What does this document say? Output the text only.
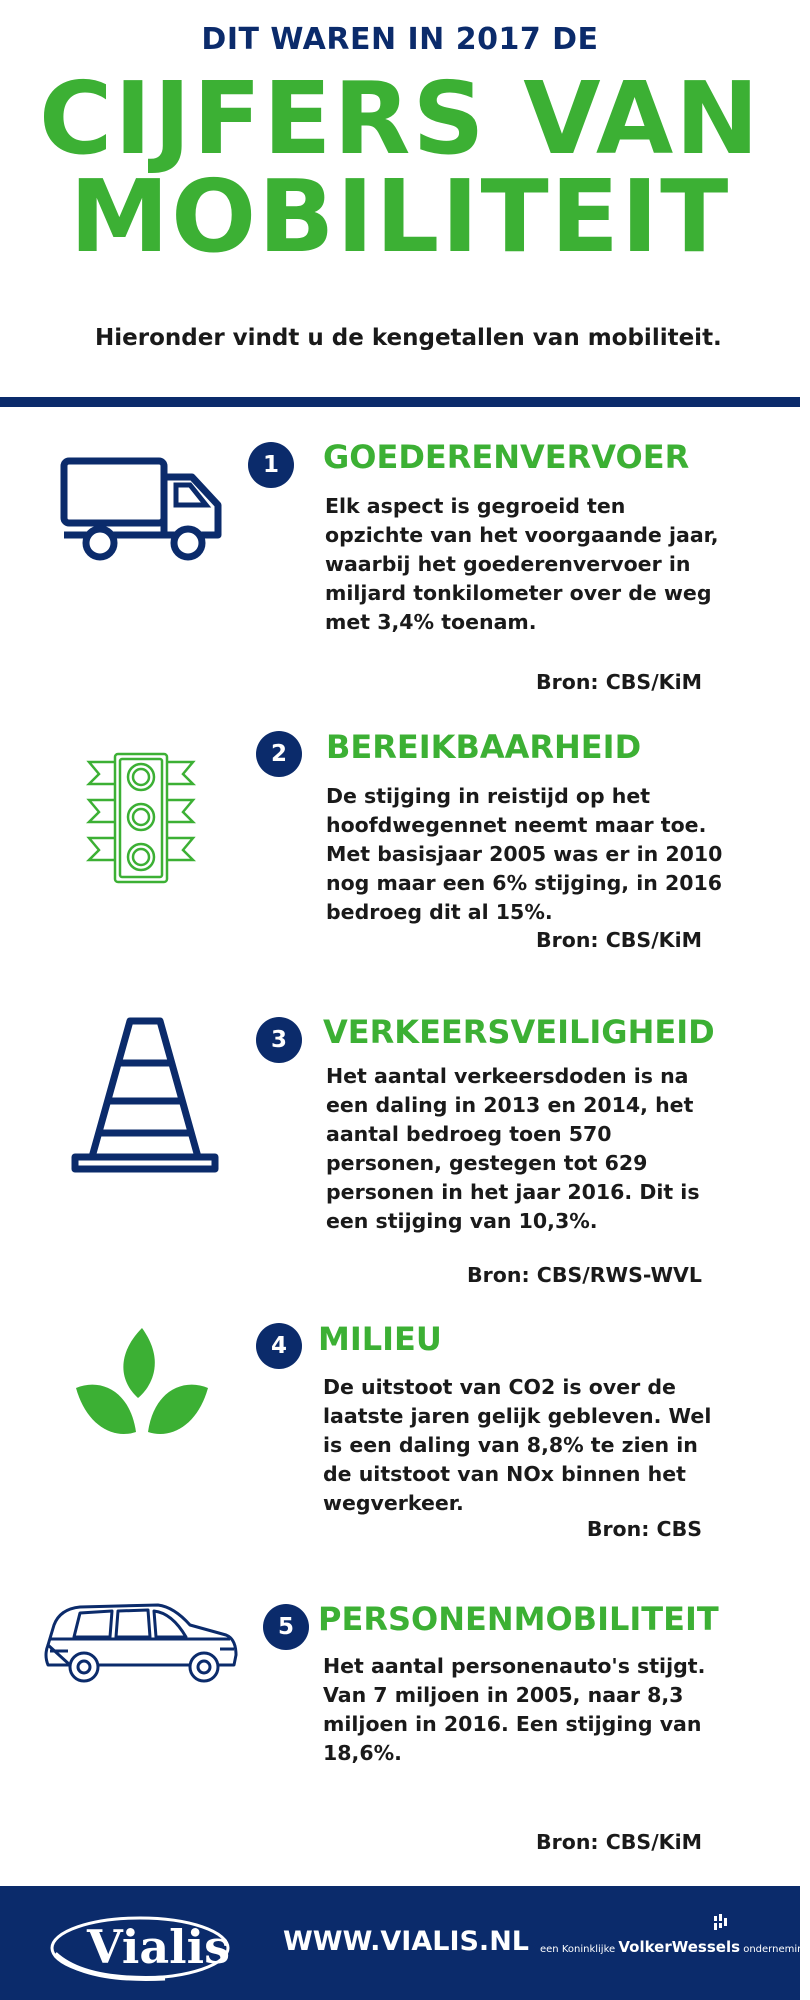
DIT WAREN IN 2017 DE
CIJFERS VAN
MOBILITEIT
Hieronder vindt u de kengetallen van mobiliteit.
1	GOEDERENVERVOER
Elk aspect is gegroeid ten opzichte van het voorgaande jaar, waarbij het goederenvervoer in miljard tonkilometer over de weg met 3,4% toenam.
Bron: CBS/KiM
2	BEREIKBAARHEID
De stijging in reistijd op het hoofdwegennet neemt maar toe. Met basisjaar 2005 was er in 2010 nog maar een 6% stijging, in 2016 bedroeg dit al 15%.
Bron: CBS/KiM
3	VERKEERSVEILIGHEID
Het aantal verkeersdoden is na een daling in 2013 en 2014, het aantal bedroeg toen 570 personen, gestegen tot 629 personen in het jaar 2016. Dit is een stijging van 10,3%.
Bron: CBS/RWS-WVL
4 MILIEU
De uitstoot van CO2 is over de laatste jaren gelijk gebleven. Wel is een daling van 8,8% te zien in de uitstoot van NOx binnen het wegverkeer.
Bron: CBS
5 PERSONENMOBILITEIT
Het aantal personenauto's stijgt. Van 7 miljoen in 2005, naar 8,3 miljoen in 2016. Een stijging van 18,6%.
Bron: CBS/KiM
Vialis WWW.VIALIS.NL een Koninklijke VolkerWessels onderneming
